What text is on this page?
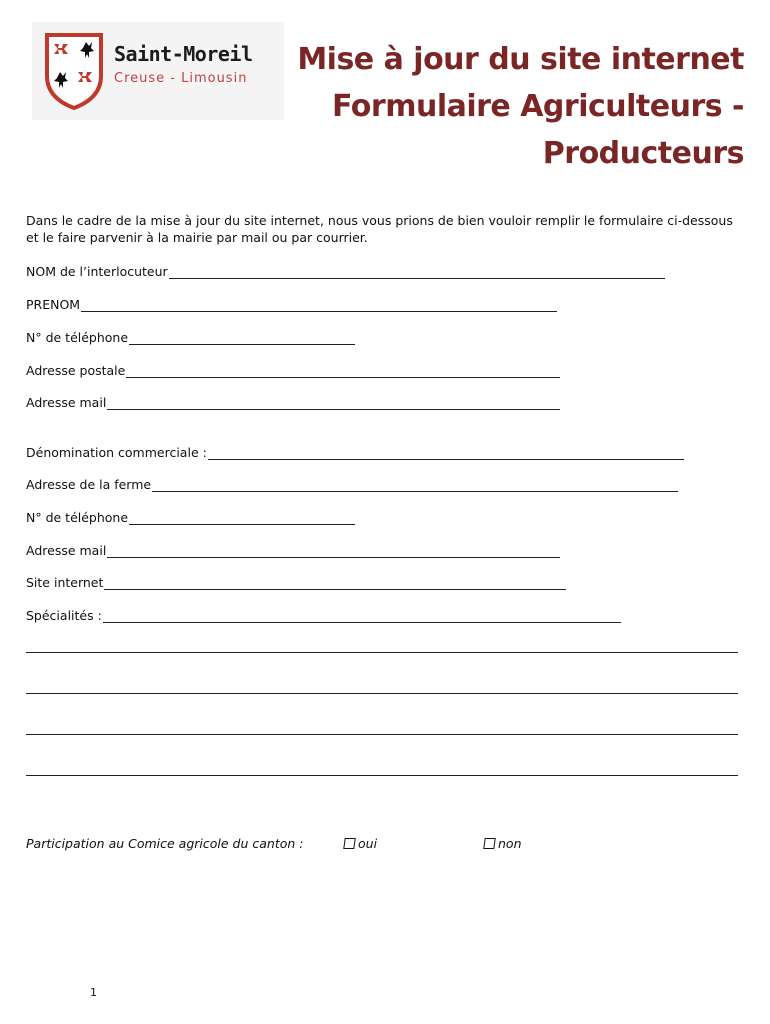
Saint-Moreil
Creuse - Limousin
Mise à jour du site internet
Formulaire Agriculteurs -
Producteurs
Dans le cadre de la mise à jour du site internet, nous vous prions de bien vouloir remplir le formulaire ci-dessous et le faire parvenir à la mairie par mail ou par courrier.
NOM de l’interlocuteur
PRENOM
N° de téléphone
Adresse postale
Adresse mail
Dénomination commerciale :
Adresse de la ferme
N° de téléphone
Adresse mail
Site internet
Spécialités :
Participation au Comice agricole du canton :	oui	non
1
